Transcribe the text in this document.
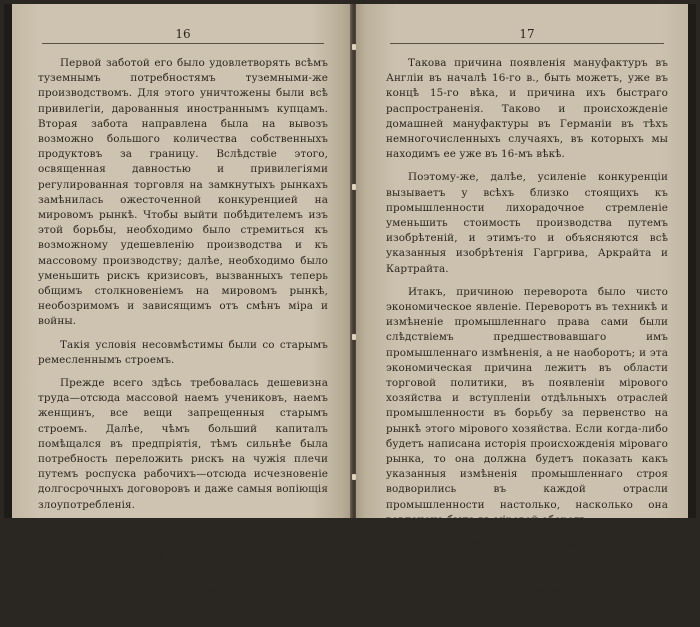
16

Первой заботой его было удовлетворять всѣмъ туземнымъ потребностямъ туземными-же производствомъ. Для этого уничтожены были всѣ привилегіи, дарованныя иностраннымъ купцамъ. Вторая забота направлена была на вывозъ возможно большого количества собственныхъ продуктовъ за границу. Вслѣдствіе этого, освященная давностью и привилегіями регулированная торговля на замкнутыхъ рынкахъ замѣнилась ожесточенной конкуренцией на мировомъ рынкѣ. Чтобы выйти побѣдителемъ изъ этой борьбы, необходимо было стремиться къ возможному удешевленію производства и къ массовому производству; далѣе, необходимо было уменьшить рискъ кризисовъ, вызванныхъ теперь общимъ столкновеніемъ на мировомъ рынкѣ, необозримомъ и зависящимъ отъ смѣнъ міра и войны.

Такія условія несовмѣстимы были со старымъ ремесленнымъ строемъ.

Прежде всего здѣсь требовалась дешевизна труда—отсюда массовой наемъ учениковъ, наемъ женщинъ, все вещи запрещенныя старымъ строемъ. Далѣе, чѣмъ больший капиталъ помѣщался въ предпріятія, тѣмъ сильнѣе была потребность переложить рискъ на чужія плечи путемъ роспуска рабочихъ—отсюда исчезновеніе долгосрочныхъ договоровъ и даже самыя вопіющія злоупотребленія.

Слѣдствіе этого таково: старый ремесленный строй разрушается, разрушается самыми членами цеховъ, крупными работодателями, вызывающими къ жизни новую форму промышленности въ тѣхъ мѣстахъ, гдѣ не дѣйствуетъ старый порядокъ.

17

Такова причина появленія мануфактуръ въ Англіи въ началѣ 16-го в., быть можетъ, уже въ концѣ 15-го вѣка, и причина ихъ быстраго распространенія. Таково и происхожденіе домашней мануфактуры въ Германіи въ тѣхъ немногочисленныхъ случаяхъ, въ которыхъ мы находимъ ее уже въ 16-мъ вѣкѣ.

Поэтому-же, далѣе, усиленіе конкуренціи вызываетъ у всѣхъ близко стоящихъ къ промышленности лихорадочное стремленіе уменьшить стоимость производства путемъ изобрѣтеній, и этимъ-то и объясняются всѣ указанныя изобрѣтенія Гаргрива, Аркрайта и Картрайта.

Итакъ, причиною переворота было чисто экономическое явленіе. Переворотъ въ техникѣ и измѣненіе промышленнаго права сами были слѣдствіемъ предшествовавшаго имъ промышленнаго измѣненія, а не наоборотъ; и эта экономическая причина лежитъ въ области торговой политики, въ появленіи мірового хозяйства и вступленіи отдѣльныхъ отраслей промышленности въ борьбу за первенство на рынкѣ этого мірового хозяйства. Если когда-либо будетъ написана исторія происхожденія міроваго рынка, то она должна будетъ показать какъ указанныя измѣненія промышленнаго строя водворились въ каждой отрасли промышленности настолько, насколько она вовлечена была въ міровой оборотъ.

Но то-же измѣненіе условій сбыта, которое въ Англіи вызвало появленіе мануфактуры, въ Германіи, большей частью, вело къ увеличенію замкнутости, къ полной недоступности цеховъ и къ дальнѣйшему развитію капиталистическаго характера
